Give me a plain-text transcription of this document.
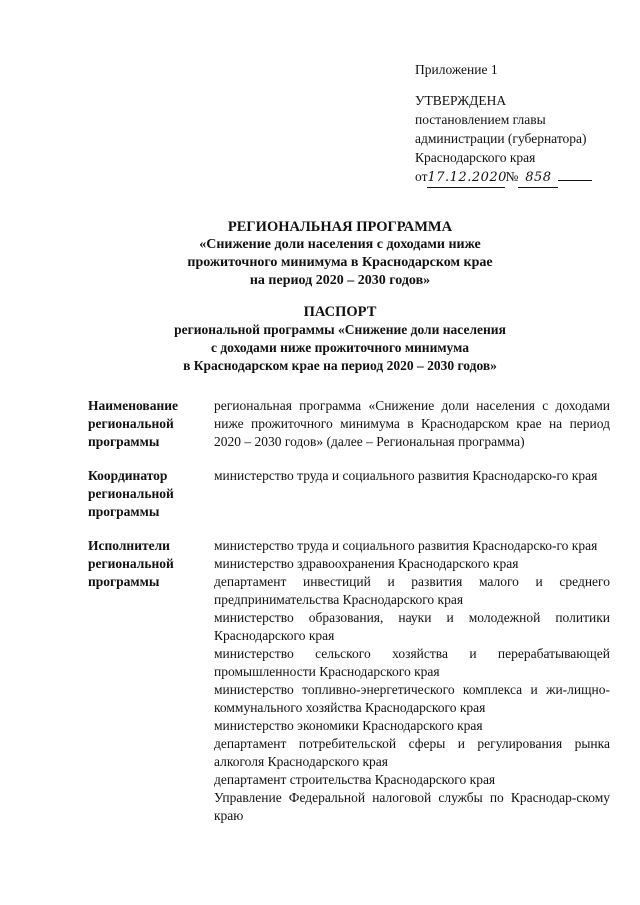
Приложение 1
УТВЕРЖДЕНА
постановлением главы
администрации (губернатора)
Краснодарского края
от 17.12.2020
№ 858
РЕГИОНАЛЬНАЯ ПРОГРАММА
«Снижение доли населения с доходами ниже
прожиточного минимума в Краснодарском крае
на период 2020 – 2030 годов»
ПАСПОРТ
региональной программы «Снижение доли населения
с доходами ниже прожиточного минимума
в Краснодарском крае на период 2020 – 2030 годов»
Наименование региональной программы
региональная программа «Снижение доли населения с доходами ниже прожиточного минимума в Краснодарском крае на период 2020 – 2030 годов» (далее – Региональная программа)
Координатор региональной программы
министерство труда и социального развития Краснодарско-го края
Исполнители региональной программы
министерство труда и социального развития Краснодарско-го края
министерство здравоохранения Краснодарского края
департамент инвестиций и развития малого и среднего предпринимательства Краснодарского края
министерство образования, науки и молодежной политики Краснодарского края
министерство сельского хозяйства и перерабатывающей промышленности Краснодарского края
министерство топливно-энергетического комплекса и жи-лищно-коммунального хозяйства Краснодарского края
министерство экономики Краснодарского края
департамент потребительской сферы и регулирования рынка алкоголя Краснодарского края
департамент строительства Краснодарского края
Управление Федеральной налоговой службы по Краснодар-скому краю
